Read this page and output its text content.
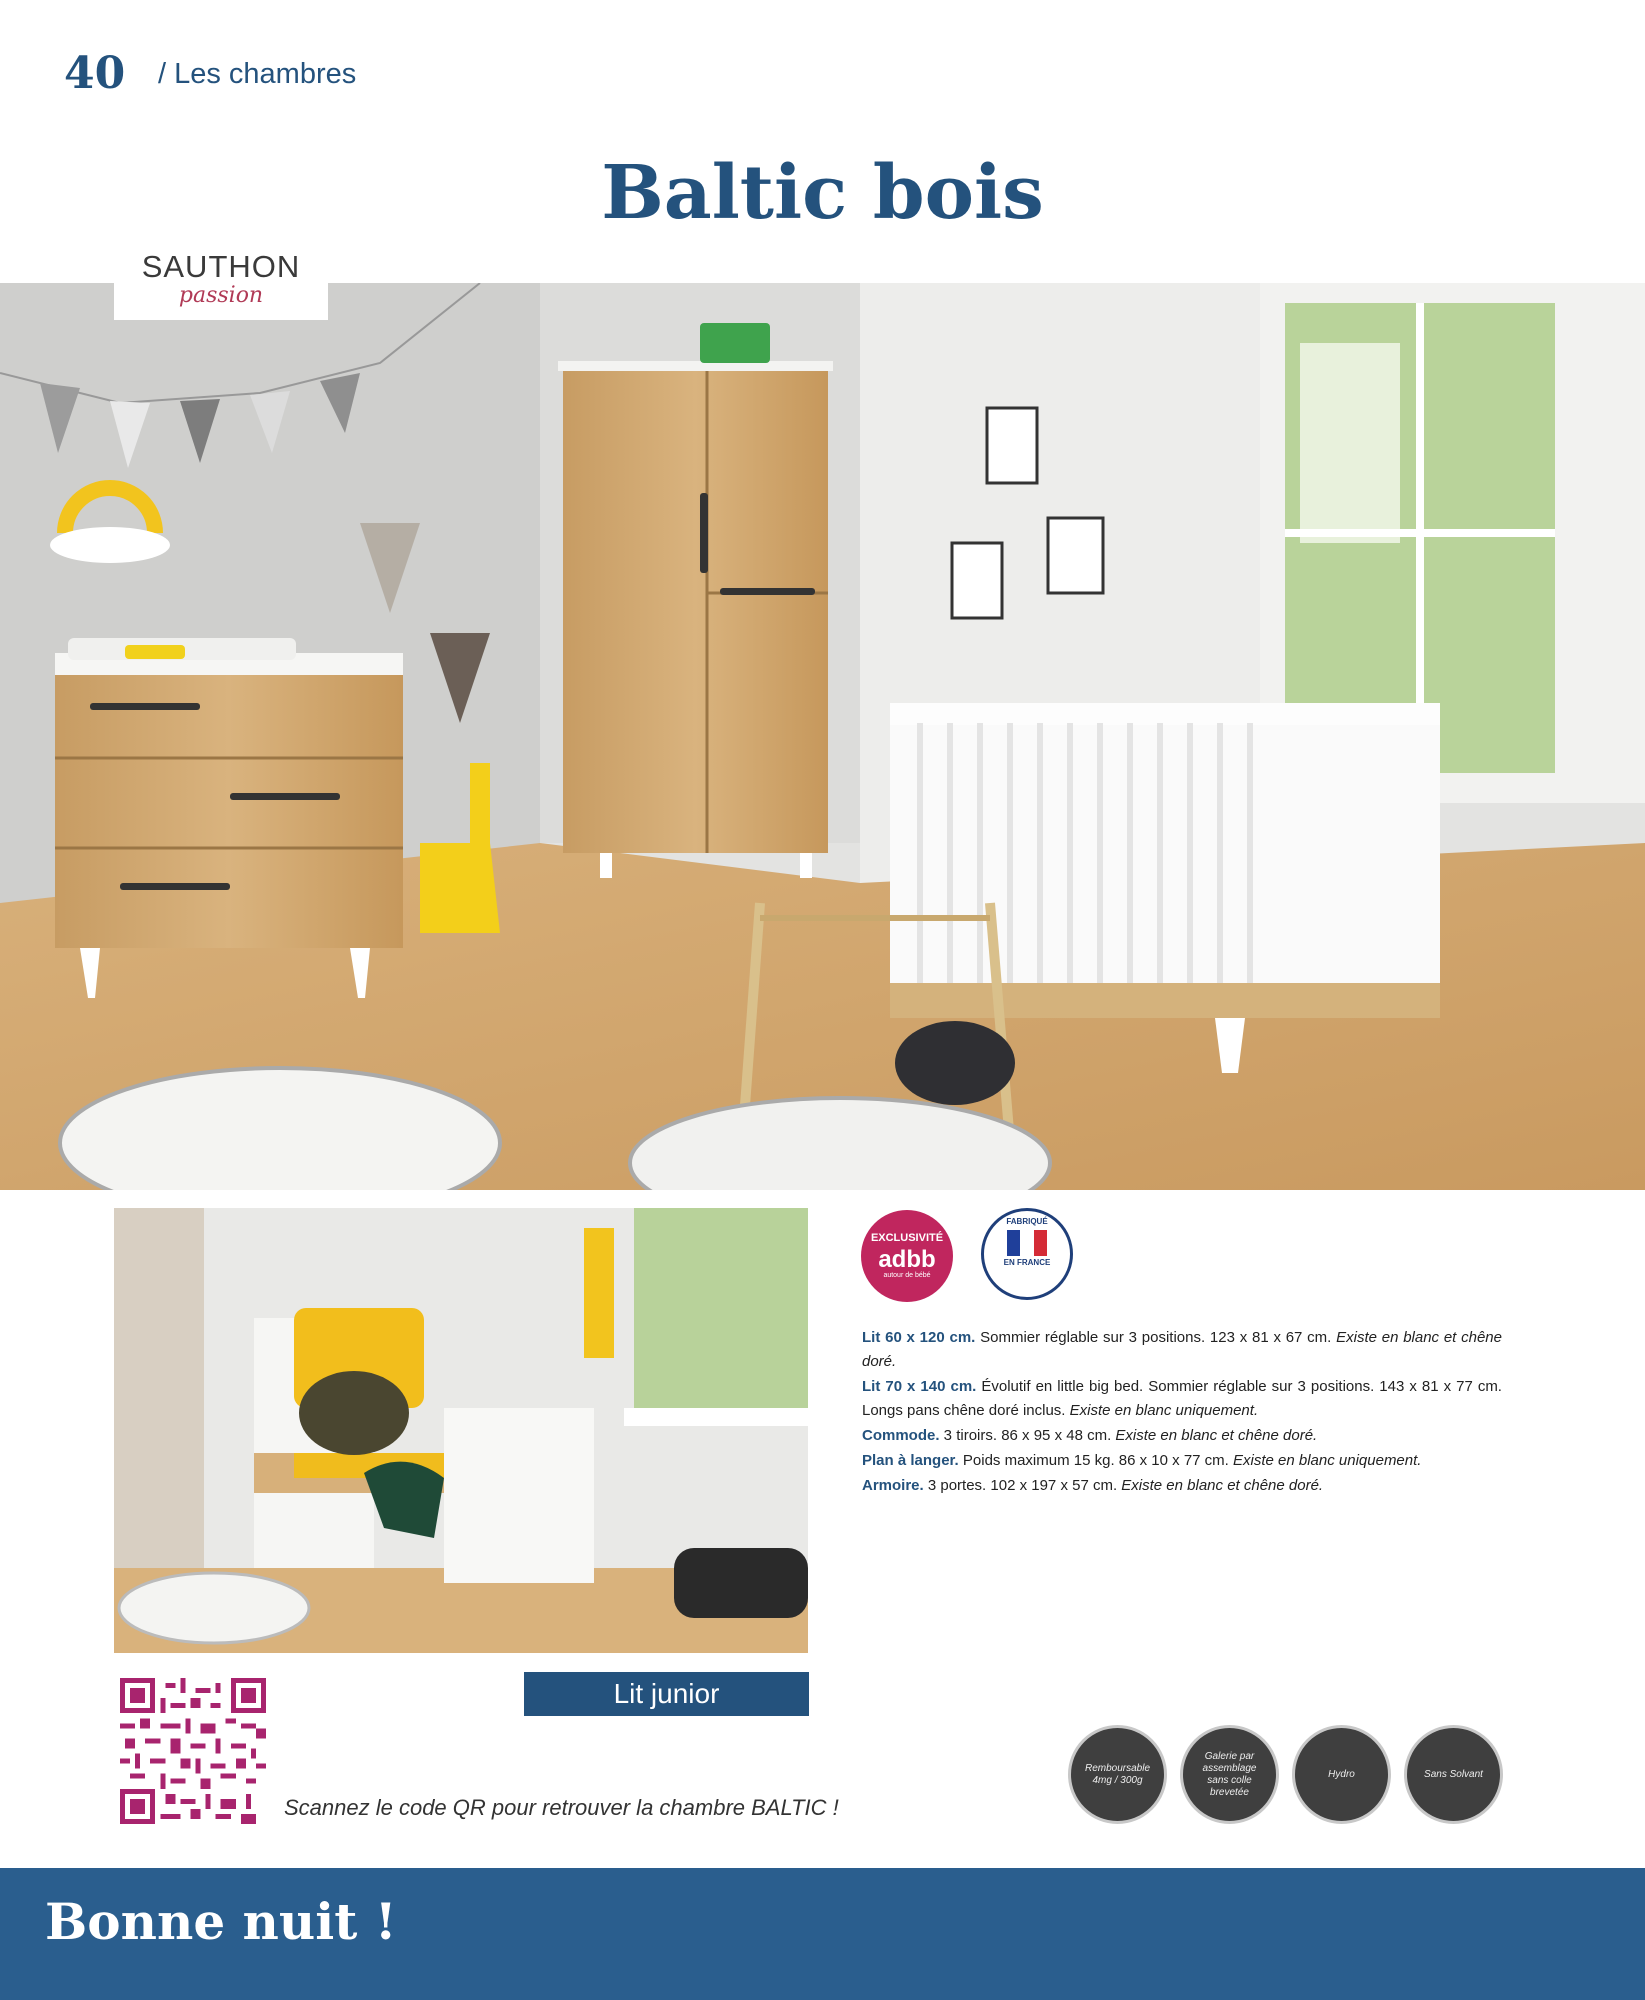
40 / Les chambres
Baltic bois
SAUTHON
passion
Lit junior
EXCLUSIVITÉ
adbb
autour de bébé
FABRIQUÉ
EN FRANCE

Lit 60 x 120 cm. Sommier réglable sur 3 positions. 123 x 81 x 67 cm. Existe en blanc et chêne doré.

Lit 70 x 140 cm. Évolutif en little big bed. Sommier réglable sur 3 positions. 143 x 81 x 77 cm. Longs pans chêne doré inclus. Existe en blanc uniquement.

Commode. 3 tiroirs. 86 x 95 x 48 cm. Existe en blanc et chêne doré.

Plan à langer. Poids maximum 15 kg. 86 x 10 x 77 cm. Existe en blanc uniquement.

Armoire. 3 portes. 102 x 197 x 57 cm. Existe en blanc et chêne doré.

Scannez le code QR pour retrouver la chambre BALTIC !
Remboursable 4mg / 300g
Galerie par assemblage sans colle brevetée
Hydro	Sans Solvant
Bonne nuit !
